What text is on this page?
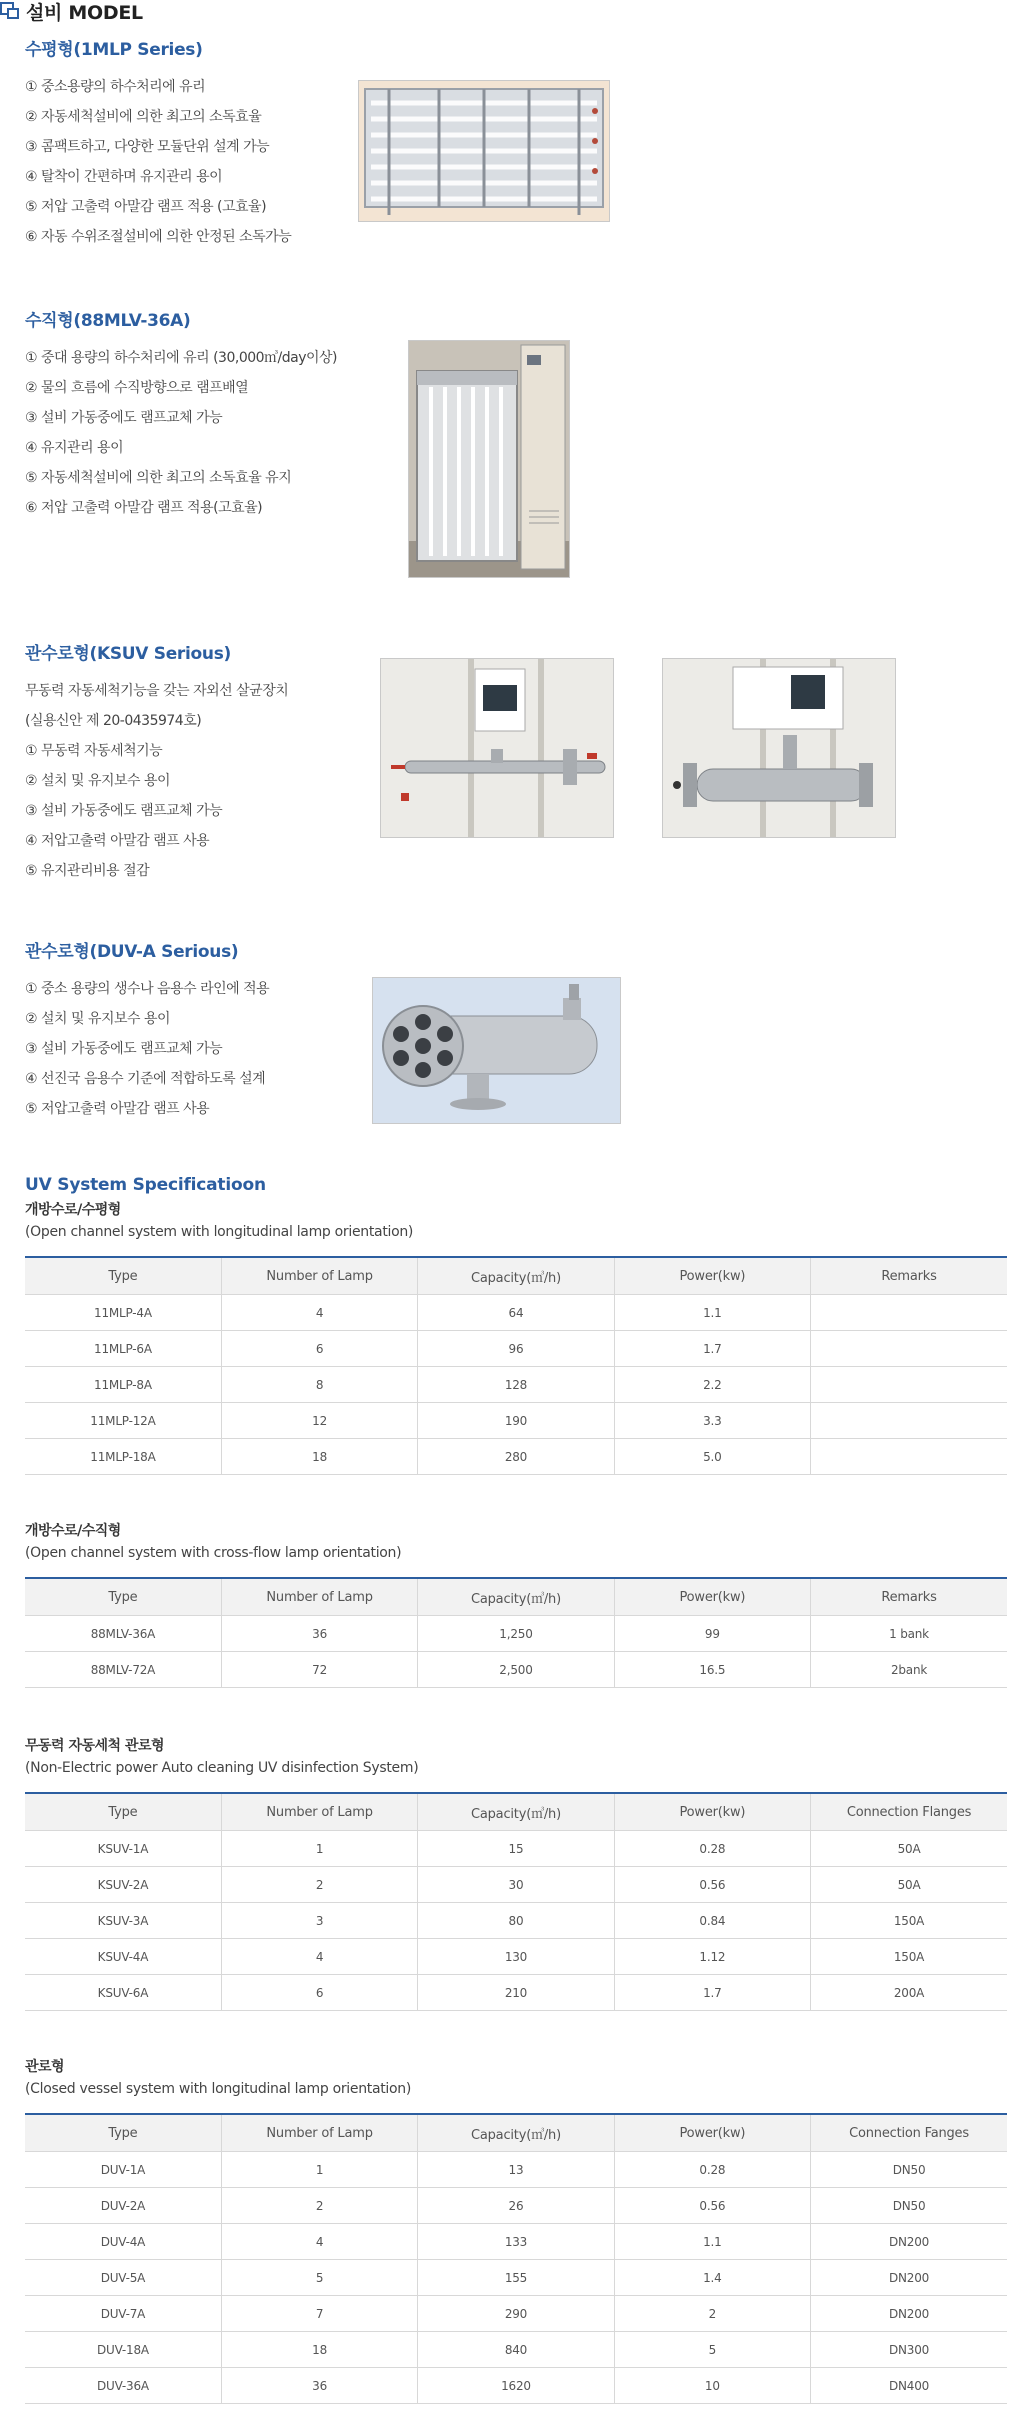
설비 MODEL
수평형(1MLP Series)
① 중소용량의 하수처리에 유리
② 자동세척설비에 의한 최고의 소독효율
③ 콤팩트하고, 다양한 모듈단위 설계 가능
④ 탈착이 간편하며 유지관리 용이
⑤ 저압 고출력 아말감 램프 적용 (고효율)
⑥ 자동 수위조절설비에 의한 안정된 소독가능
수직형(88MLV-36A)
① 중대 용량의 하수처리에 유리 (30,000㎥/day이상)
② 물의 흐름에 수직방향으로 램프배열
③ 설비 가동중에도 램프교체 가능
④ 유지관리 용이
⑤ 자동세척설비에 의한 최고의 소독효율 유지
⑥ 저압 고출력 아말감 램프 적용(고효율)
관수로형(KSUV Serious)
무동력 자동세척기능을 갖는 자외선 살균장치
(실용신안 제 20-0435974호)
① 무동력 자동세척기능
② 설치 및 유지보수 용이
③ 설비 가동중에도 램프교체 가능
④ 저압고출력 아말감 램프 사용
⑤ 유지관리비용 절감
관수로형(DUV-A Serious)
① 중소 용량의 생수나 음용수 라인에 적용
② 설치 및 유지보수 용이
③ 설비 가동중에도 램프교체 가능
④ 선진국 음용수 기준에 적합하도록 설계
⑤ 저압고출력 아말감 램프 사용
UV System Specificatioon
개방수로/수평형
(Open channel system with longitudinal lamp orientation)
Type	Number of Lamp	Capacity(㎥/h)	Power(kw)	Remarks
11MLP-4A	4	64	1.1	
11MLP-6A	6	96	1.7	
11MLP-8A	8	128	2.2	
11MLP-12A	12	190	3.3	
11MLP-18A	18	280	5.0	
개방수로/수직형
(Open channel system with cross-flow lamp orientation)
Type	Number of Lamp	Capacity(㎥/h)	Power(kw)	Remarks
88MLV-36A	36	1,250	99	1 bank
88MLV-72A	72	2,500	16.5	2bank
무동력 자동세척 관로형
(Non-Electric power Auto cleaning UV disinfection System)
Type	Number of Lamp	Capacity(㎥/h)	Power(kw)	Connection Flanges
KSUV-1A	1	15	0.28	50A
KSUV-2A	2	30	0.56	50A
KSUV-3A	3	80	0.84	150A
KSUV-4A	4	130	1.12	150A
KSUV-6A	6	210	1.7	200A
관로형
(Closed vessel system with longitudinal lamp orientation)
Type	Number of Lamp	Capacity(㎥/h)	Power(kw)	Connection Fanges
DUV-1A	1	13	0.28	DN50
DUV-2A	2	26	0.56	DN50
DUV-4A	4	133	1.1	DN200
DUV-5A	5	155	1.4	DN200
DUV-7A	7	290	2	DN200
DUV-18A	18	840	5	DN300
DUV-36A	36	1620	10	DN400
